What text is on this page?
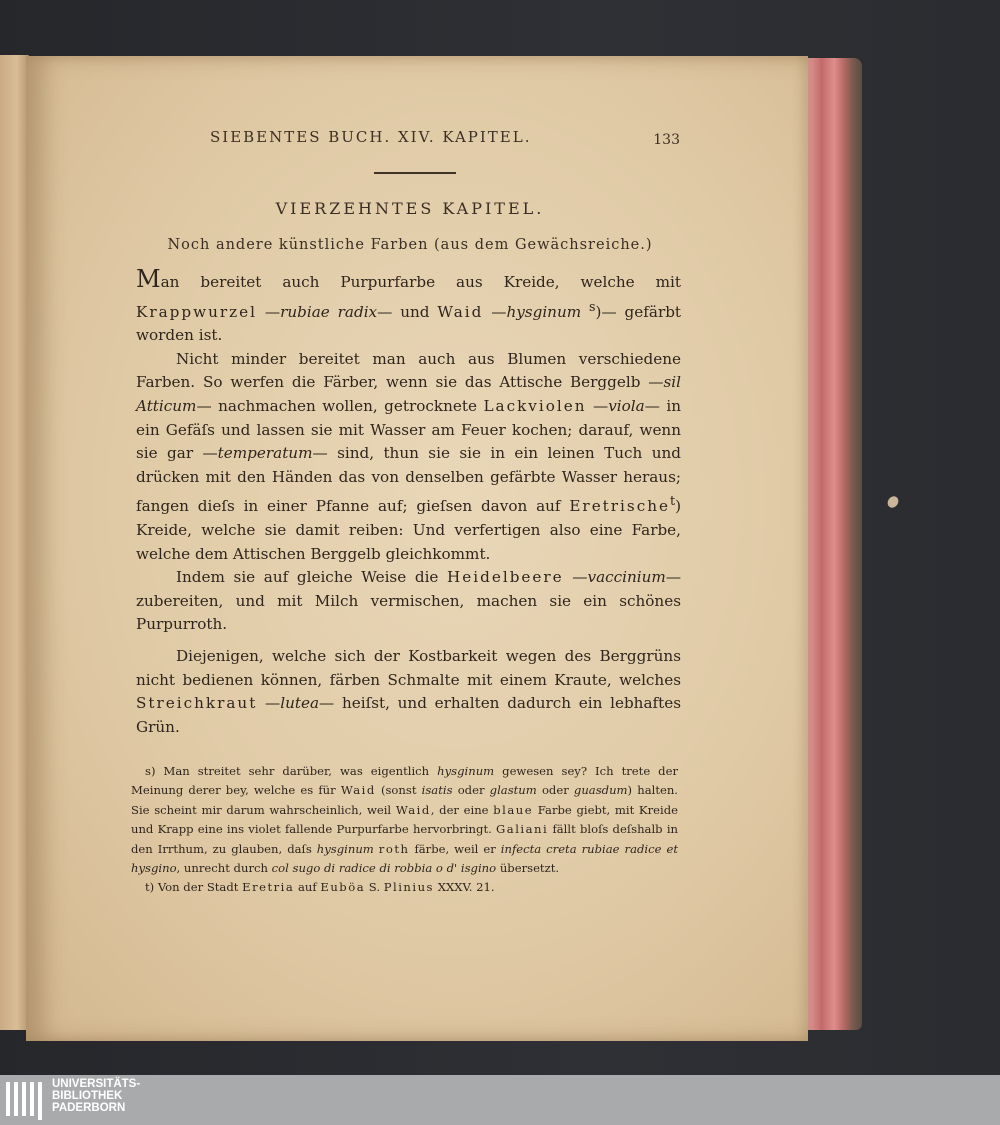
SIEBENTES BUCH. XIV. KAPITEL.	133
VIERZEHNTES KAPITEL.
Noch andere künstliche Farben (aus dem Gewächsreiche.)

Man bereitet auch Purpurfarbe aus Kreide, welche mit Krappwurzel —rubiae radix— und Waid —hysginum $^s$)— gefärbt worden ist.

Nicht minder bereitet man auch aus Blumen verschiedene Farben. So werfen die Färber, wenn sie das Attische Berggelb —sil Atticum— nachmachen wollen, getrocknete Lackviolen —viola— in ein Gefäſs und lassen sie mit Wasser am Feuer kochen; darauf, wenn sie gar —temperatum— sind, thun sie sie in ein leinen Tuch und drücken mit den Händen das von denselben gefärbte Wasser heraus; fangen dieſs in einer Pfanne auf; gieſsen davon auf Eretrische$^t$) Kreide, welche sie damit reiben: Und verfertigen also eine Farbe, welche dem Attischen Berggelb gleichkommt.

Indem sie auf gleiche Weise die Heidelbeere —vaccinium— zubereiten, und mit Milch vermischen, machen sie ein schönes Purpurroth.

Diejenigen, welche sich der Kostbarkeit wegen des Berggrüns nicht bedienen können, färben Schmalte mit einem Kraute, welches Streichkraut —lutea— heiſst, und erhalten dadurch ein lebhaftes Grün.

s) Man streitet sehr darüber, was eigentlich hysginum gewesen sey? Ich trete der Meinung derer bey, welche es für Waid (sonst isatis oder glastum oder guasdum) halten. Sie scheint mir darum wahrscheinlich, weil Waid, der eine blaue Farbe giebt, mit Kreide und Krapp eine ins violet fallende Purpurfarbe hervorbringt. Galiani fällt bloſs deſshalb in den Irrthum, zu glauben, daſs hysginum roth färbe, weil er infecta creta rubiae radice et hysgino, unrecht durch col sugo di radice di robbia o d' isgino übersetzt.

t) Von der Stadt Eretria auf Euböa S. Plinius XXXV. 21.

UNIVERSITÄTS-
BIBLIOTHEK
PADERBORN
